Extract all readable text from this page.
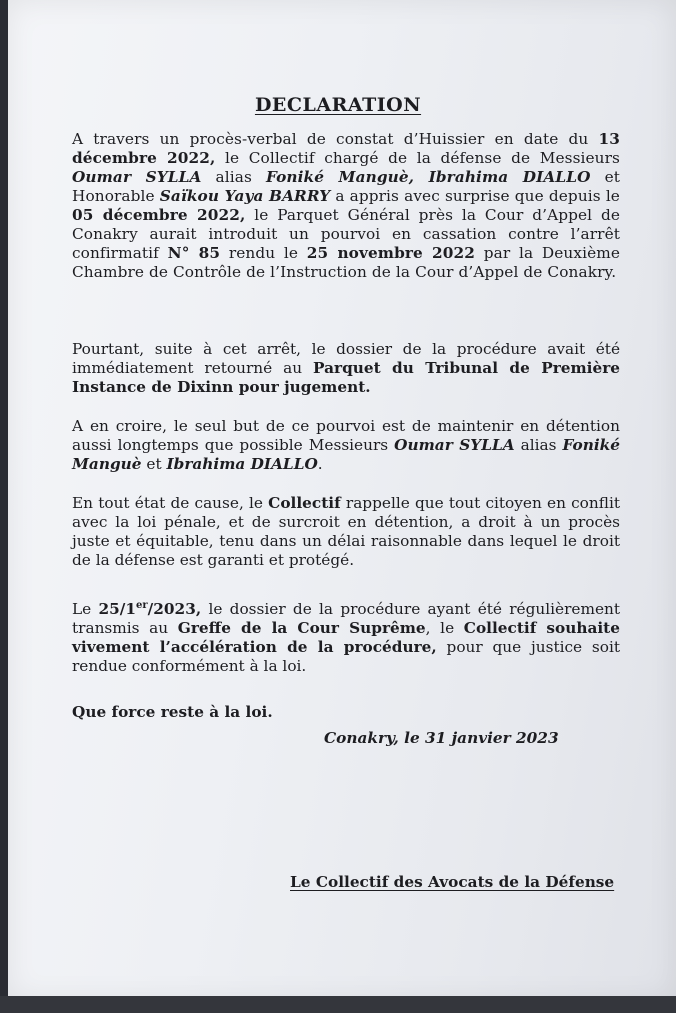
DECLARATION
A travers un procès-verbal de constat d’Huissier en date du 13 décembre 2022, le Collectif chargé de la défense de Messieurs Oumar SYLLA alias Foniké Manguè, Ibrahima DIALLO et Honorable Saïkou Yaya BARRY a appris avec surprise que depuis le 05 décembre 2022, le Parquet Général près la Cour d’Appel de Conakry aurait introduit un pourvoi en cassation contre l’arrêt confirmatif N° 85 rendu le 25 novembre 2022 par la Deuxième Chambre de Contrôle de l’Instruction de la Cour d’Appel de Conakry.
Pourtant, suite à cet arrêt, le dossier de la procédure avait été immédiatement retourné au Parquet du Tribunal de Première Instance de Dixinn pour jugement.
A en croire, le seul but de ce pourvoi est de maintenir en détention aussi longtemps que possible Messieurs Oumar SYLLA alias Foniké Manguè et Ibrahima DIALLO.
En tout état de cause, le Collectif rappelle que tout citoyen en conflit avec la loi pénale, et de surcroit en détention, a droit à un procès juste et équitable, tenu dans un délai raisonnable dans lequel le droit de la défense est garanti et protégé.
Le 25/1er/2023, le dossier de la procédure ayant été régulièrement transmis au Greffe de la Cour Suprême, le Collectif souhaite vivement l’accélération de la procédure, pour que justice soit rendue conformément à la loi.
Que force reste à la loi.
Conakry, le 31 janvier 2023
Le Collectif des Avocats de la Défense
